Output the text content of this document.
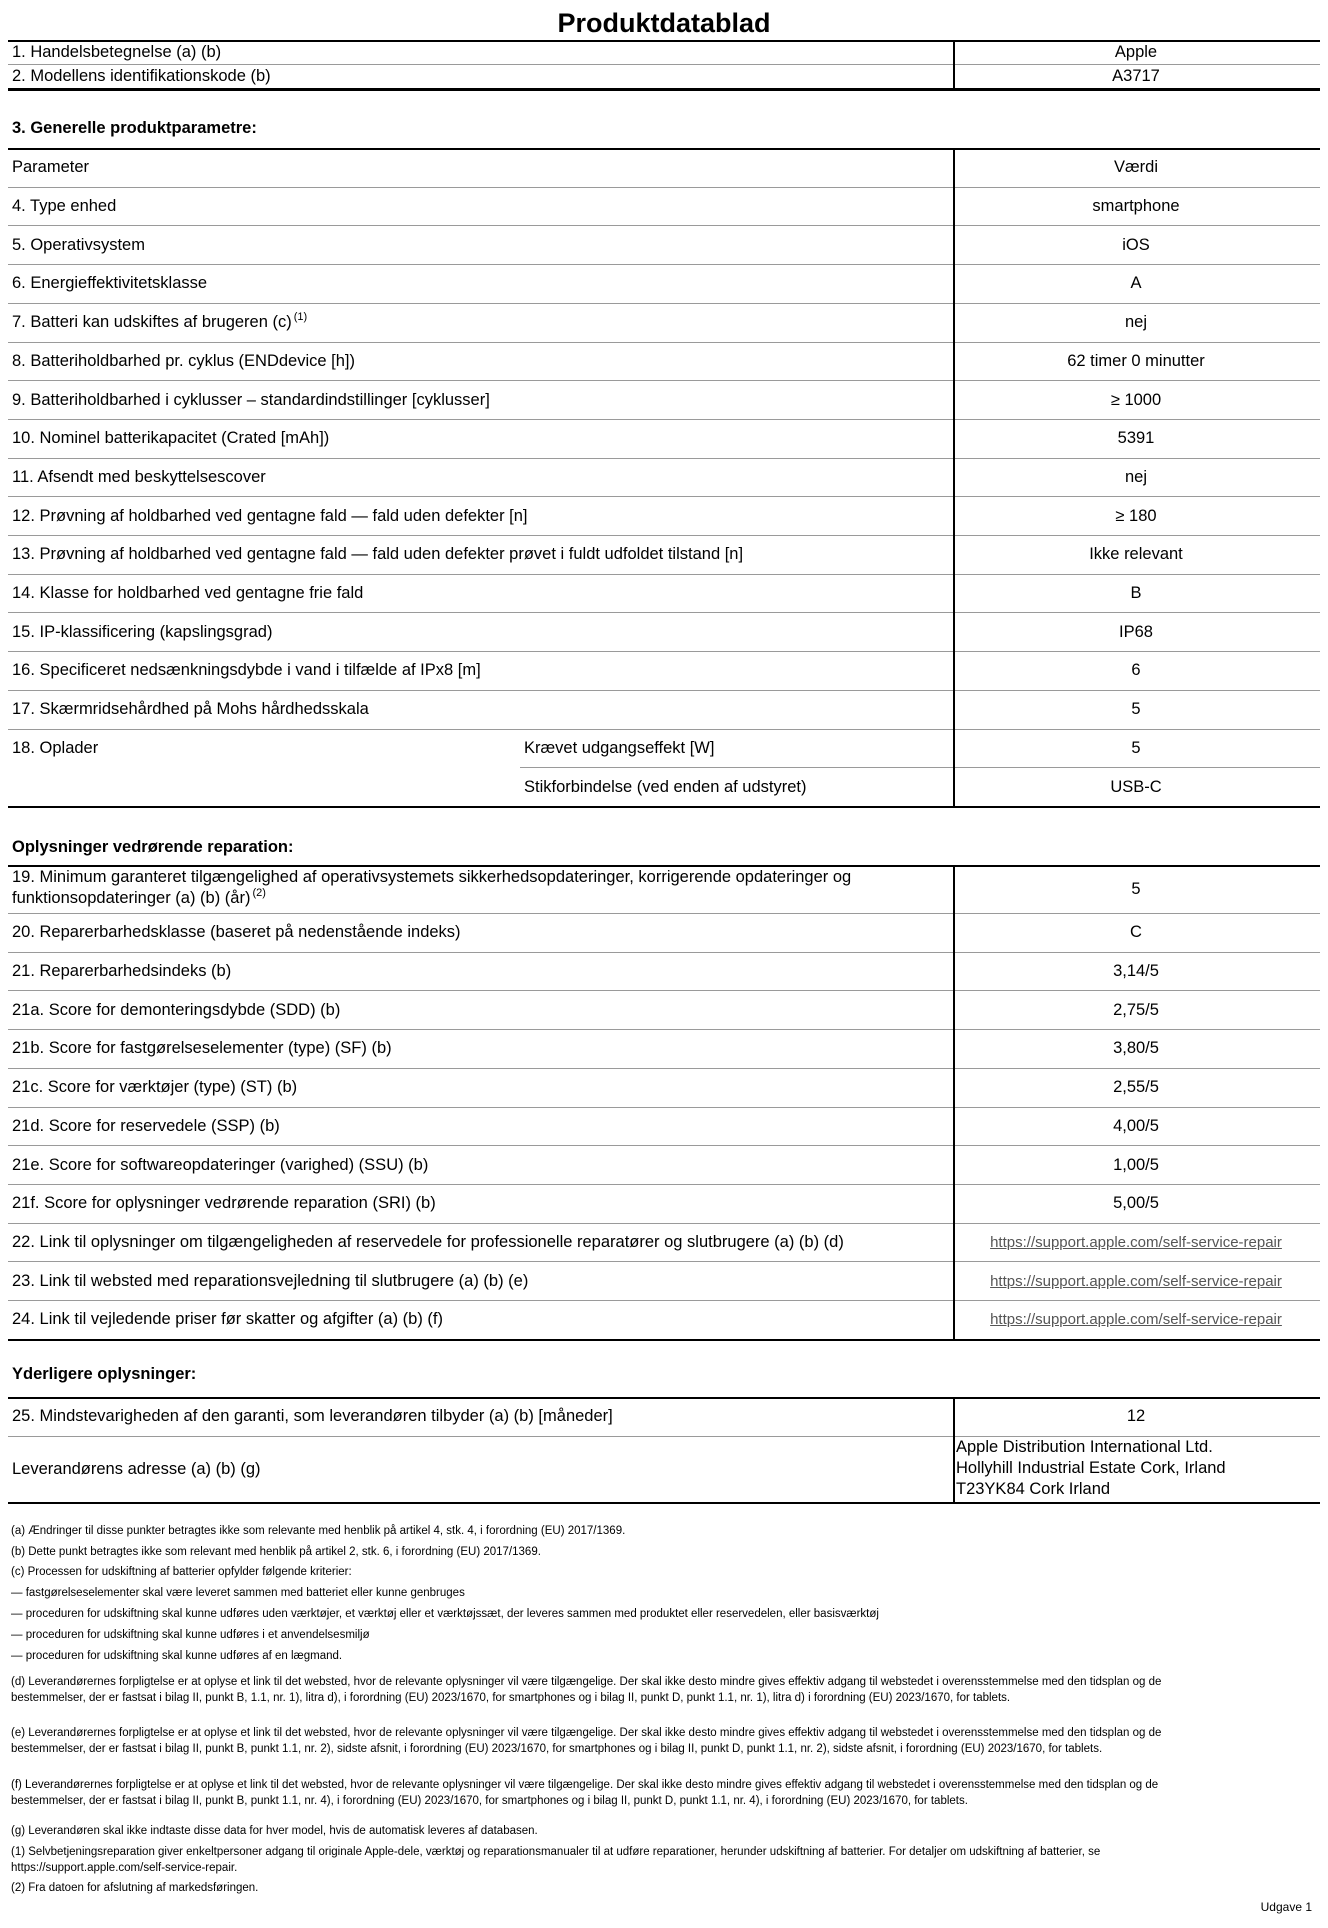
Produktdatablad
1. Handelsbetegnelse (a) (b)	Apple
2. Modellens identifikationskode (b)	A3717
3. Generelle produktparametre:
Parameter	Værdi
4. Type enhed	smartphone
5. Operativsystem	iOS
6. Energieffektivitetsklasse	A
7. Batteri kan udskiftes af brugeren (c) $^{(1)}$	nej
8. Batteriholdbarhed pr. cyklus (ENDdevice [h])	62 timer 0 minutter
9. Batteriholdbarhed i cyklusser – standardindstillinger [cyklusser]	≥ 1000
10. Nominel batterikapacitet (Crated [mAh])	5391
11. Afsendt med beskyttelsescover	nej
12. Prøvning af holdbarhed ved gentagne fald — fald uden defekter [n]	≥ 180
13. Prøvning af holdbarhed ved gentagne fald — fald uden defekter prøvet i fuldt udfoldet tilstand [n]	Ikke relevant
14. Klasse for holdbarhed ved gentagne frie fald	B
15. IP-klassificering (kapslingsgrad)	IP68
16. Specificeret nedsænkningsdybde i vand i tilfælde af IPx8 [m]	6
17. Skærmridsehårdhed på Mohs hårdhedsskala	5
18. Oplader	Krævet udgangseffekt [W]	5
Stikforbindelse (ved enden af udstyret)	USB-C
Oplysninger vedrørende reparation:
19. Minimum garanteret tilgængelighed af operativsystemets sikkerhedsopdateringer, korrigerende opdateringer og
funktionsopdateringer (a) (b) (år) $^{(2)}$	5
20. Reparerbarhedsklasse (baseret på nedenstående indeks)	C
21. Reparerbarhedsindeks (b)	3,14/5
21a. Score for demonteringsdybde (SDD) (b)	2,75/5
21b. Score for fastgørelseselementer (type) (SF) (b)	3,80/5
21c. Score for værktøjer (type) (ST) (b)	2,55/5
21d. Score for reservedele (SSP) (b)	4,00/5
21e. Score for softwareopdateringer (varighed) (SSU) (b)	1,00/5
21f. Score for oplysninger vedrørende reparation (SRI) (b)	5,00/5
22. Link til oplysninger om tilgængeligheden af reservedele for professionelle reparatører og slutbrugere (a) (b) (d)	https://support.apple.com/self-service-repair
23. Link til websted med reparationsvejledning til slutbrugere (a) (b) (e)	https://support.apple.com/self-service-repair
24. Link til vejledende priser før skatter og afgifter (a) (b) (f)	https://support.apple.com/self-service-repair
Yderligere oplysninger:
25. Mindstevarigheden af den garanti, som leverandøren tilbyder (a) (b) [måneder]	12
Leverandørens adresse (a) (b) (g)
Apple Distribution International Ltd.
Hollyhill Industrial Estate Cork, Irland
T23YK84 Cork Irland
(a) Ændringer til disse punkter betragtes ikke som relevante med henblik på artikel 4, stk. 4, i forordning (EU) 2017/1369.
(b) Dette punkt betragtes ikke som relevant med henblik på artikel 2, stk. 6, i forordning (EU) 2017/1369.
(c) Processen for udskiftning af batterier opfylder følgende kriterier:
— fastgørelseselementer skal være leveret sammen med batteriet eller kunne genbruges
— proceduren for udskiftning skal kunne udføres uden værktøjer, et værktøj eller et værktøjssæt, der leveres sammen med produktet eller reservedelen, eller basisværktøj
— proceduren for udskiftning skal kunne udføres i et anvendelsesmiljø
— proceduren for udskiftning skal kunne udføres af en lægmand.
(d) Leverandørernes forpligtelse er at oplyse et link til det websted, hvor de relevante oplysninger vil være tilgængelige. Der skal ikke desto mindre gives effektiv adgang til webstedet i overensstemmelse med den tidsplan og de
bestemmelser, der er fastsat i bilag II, punkt B, 1.1, nr. 1), litra d), i forordning (EU) 2023/1670, for smartphones og i bilag II, punkt D, punkt 1.1, nr. 1), litra d) i forordning (EU) 2023/1670, for tablets.
(e) Leverandørernes forpligtelse er at oplyse et link til det websted, hvor de relevante oplysninger vil være tilgængelige. Der skal ikke desto mindre gives effektiv adgang til webstedet i overensstemmelse med den tidsplan og de
bestemmelser, der er fastsat i bilag II, punkt B, punkt 1.1, nr. 2), sidste afsnit, i forordning (EU) 2023/1670, for smartphones og i bilag II, punkt D, punkt 1.1, nr. 2), sidste afsnit, i forordning (EU) 2023/1670, for tablets.
(f) Leverandørernes forpligtelse er at oplyse et link til det websted, hvor de relevante oplysninger vil være tilgængelige. Der skal ikke desto mindre gives effektiv adgang til webstedet i overensstemmelse med den tidsplan og de
bestemmelser, der er fastsat i bilag II, punkt B, punkt 1.1, nr. 4), i forordning (EU) 2023/1670, for smartphones og i bilag II, punkt D, punkt 1.1, nr. 4), i forordning (EU) 2023/1670, for tablets.
(g) Leverandøren skal ikke indtaste disse data for hver model, hvis de automatisk leveres af databasen.
(1) Selvbetjeningsreparation giver enkeltpersoner adgang til originale Apple-dele, værktøj og reparationsmanualer til at udføre reparationer, herunder udskiftning af batterier. For detaljer om udskiftning af batterier, se
https://support.apple.com/self-service-repair.
(2) Fra datoen for afslutning af markedsføringen.
Udgave 1
